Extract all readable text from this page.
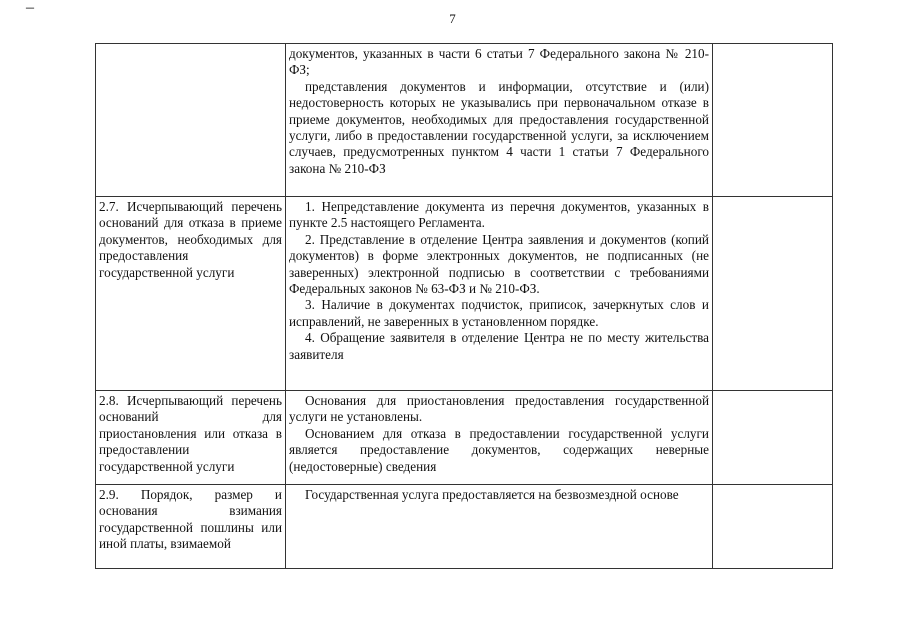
–
7

	документов, указанных в части 6 статьи 7 Федерального закона № 210-ФЗ;

представления документов и информации, отсутствие и (или) недостоверность которых не указывались при первоначальном отказе в приеме документов, необходимых для предоставления государственной услуги, либо в предоставлении государственной услуги, за исключением случаев, предусмотренных пунктом 4 части 1 статьи 7 Федерального закона № 210-ФЗ	

2.7. Исчерпывающий перечень оснований для отказа в приеме документов, необходимых для предоставления государственной услуги	1. Непредставление документа из перечня документов, указанных в пункте 2.5 настоящего Регламента.

2. Представление в отделение Центра заявления и документов (копий документов) в форме электронных документов, не подписанных (не заверенных) электронной подписью в соответствии с требованиями Федеральных законов № 63-ФЗ и № 210-ФЗ.

3. Наличие в документах подчисток, приписок, зачеркнутых слов и исправлений, не заверенных в установленном порядке.

4. Обращение заявителя в отделение Центра не по месту жительства заявителя	

2.8. Исчерпывающий перечень оснований для приостановления или отказа в предоставлении государственной услуги	Основания для приостановления предоставления государственной услуги не установлены.

Основанием для отказа в предоставлении государственной услуги является предоставление документов, содержащих неверные (недостоверные) сведения	

2.9. Порядок, размер и основания взимания государственной пошлины или иной платы, взимаемой	Государственная услуга предоставляется на безвозмездной основе	
